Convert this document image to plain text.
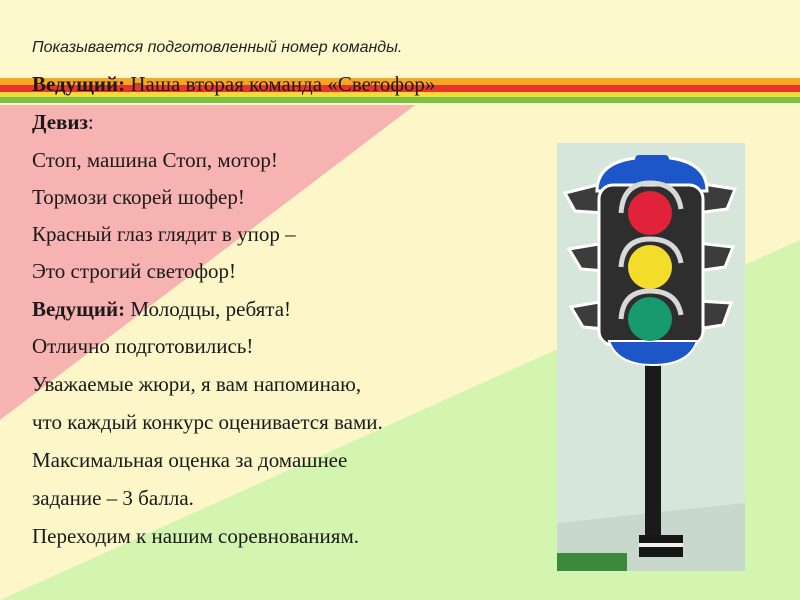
Показывается подготовленный номер команды.
Ведущий: Наша вторая команда «Светофор»
Девиз:
Стоп, машина Стоп, мотор!
Тормози скорей шофер!
Красный глаз глядит в упор –
Это строгий светофор!
Ведущий: Молодцы, ребята!
Отлично подготовились!
Уважаемые жюри, я вам напоминаю,
что каждый конкурс оценивается вами.
Максимальная оценка за домашнее
задание – 3 балла.
Переходим к нашим соревнованиям.
